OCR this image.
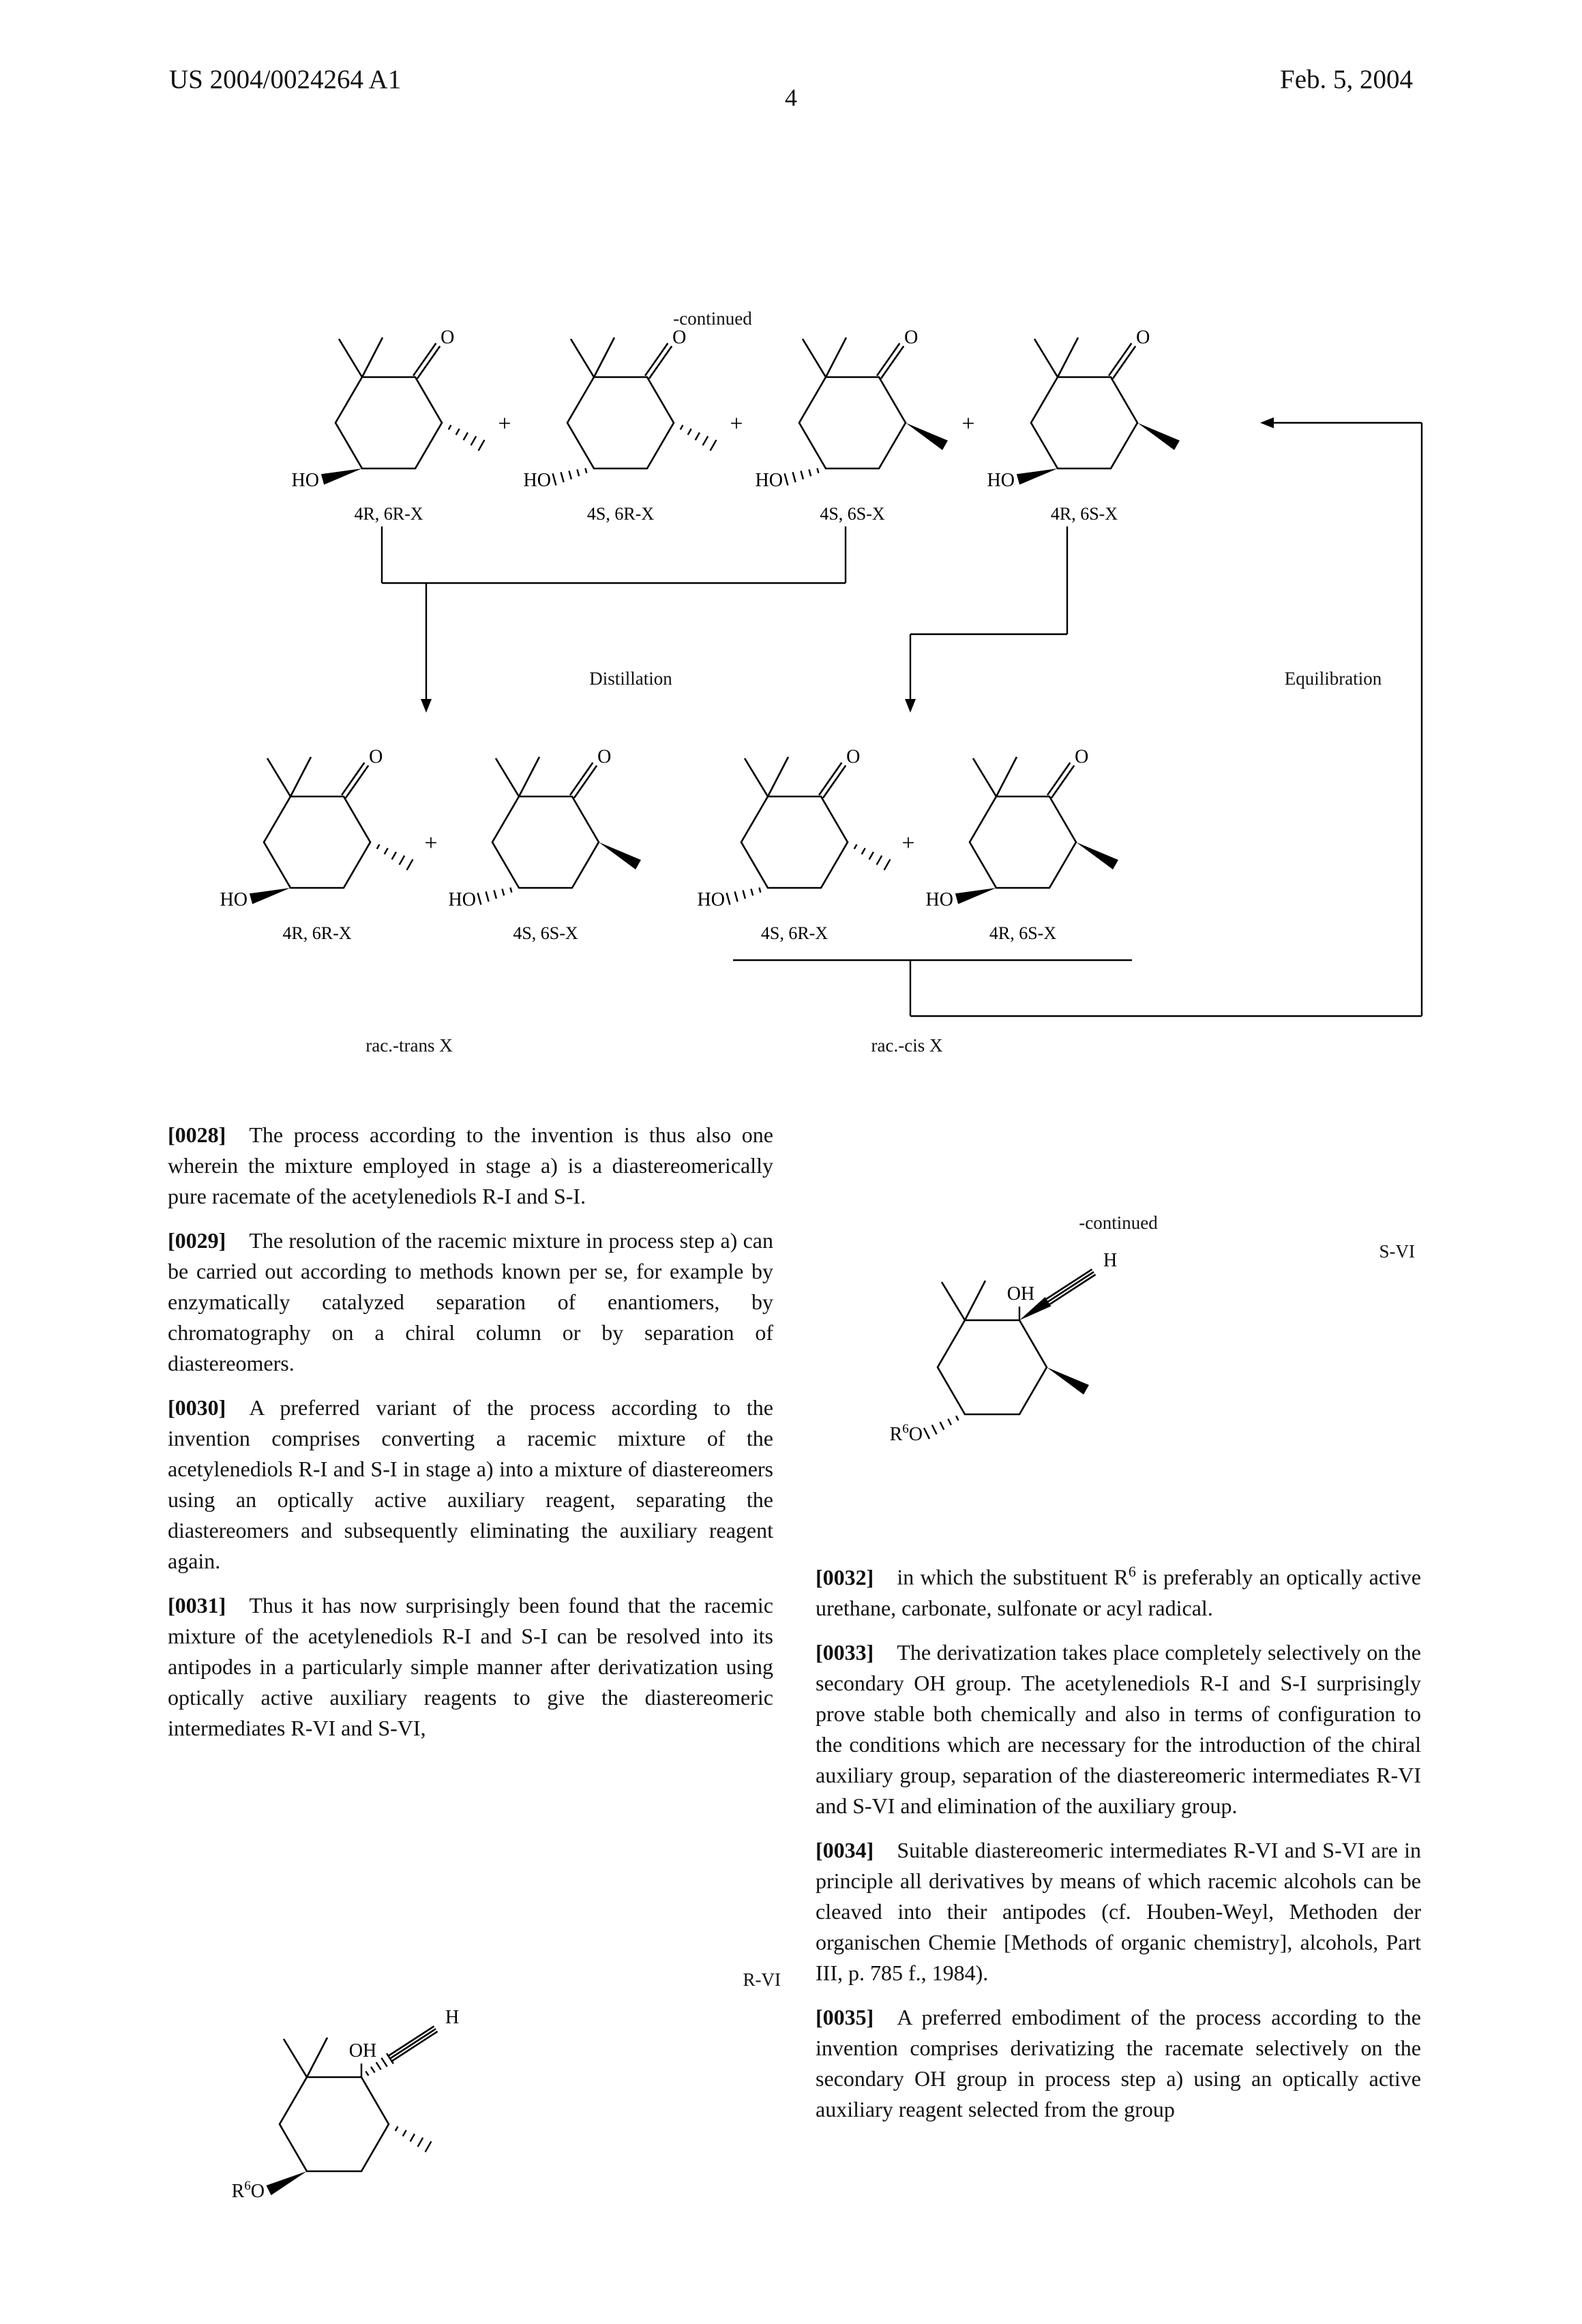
US 2004/0024264 A1	Feb. 5, 2004
4
O
HO
4R, 6R-X
O
HO
4S, 6R-X
O
HO
4S, 6S-X
O
HO
4R, 6S-X
O
HO
4R, 6R-X
O
HO
4S, 6S-X
O
HO
4S, 6R-X
O
HO
4R, 6S-X
+	+	+
+	+
OH
H
$R^6O$
OH
H
$R^6O$
-continued
Distillation	Equilibration
rac.-trans X	rac.-cis X
-continued
S-VI
R-VI

[0028] The process according to the invention is thus also one wherein the mixture employed in stage a) is a diastereomerically pure racemate of the acetylenediols R-I and S-I.

[0029] The resolution of the racemic mixture in process step a) can be carried out according to methods known per se, for example by enzymatically catalyzed separation of enantiomers, by chromatography on a chiral column or by separation of diastereomers.

[0030] A preferred variant of the process according to the invention comprises converting a racemic mixture of the acetylenediols R-I and S-I in stage a) into a mixture of diastereomers using an optically active auxiliary reagent, separating the diastereomers and subsequently eliminating the auxiliary reagent again.

[0031] Thus it has now surprisingly been found that the racemic mixture of the acetylenediols R-I and S-I can be resolved into its antipodes in a particularly simple manner after derivatization using optically active auxiliary reagents to give the diastereomeric intermediates R-VI and S-VI,

[0032] in which the substituent $R^6$ is preferably an optically active urethane, carbonate, sulfonate or acyl radical.

[0033] The derivatization takes place completely selectively on the secondary OH group. The acetylenediols R-I and S-I surprisingly prove stable both chemically and also in terms of configuration to the conditions which are necessary for the introduction of the chiral auxiliary group, separation of the diastereomeric intermediates R-VI and S-VI and elimination of the auxiliary group.

[0034] Suitable diastereomeric intermediates R-VI and S-VI are in principle all derivatives by means of which racemic alcohols can be cleaved into their antipodes (cf. Houben-Weyl, Methoden der organischen Chemie [Methods of organic chemistry], alcohols, Part III, p. 785 f., 1984).

[0035] A preferred embodiment of the process according to the invention comprises derivatizing the racemate selectively on the secondary OH group in process step a) using an optically active auxiliary reagent selected from the group
